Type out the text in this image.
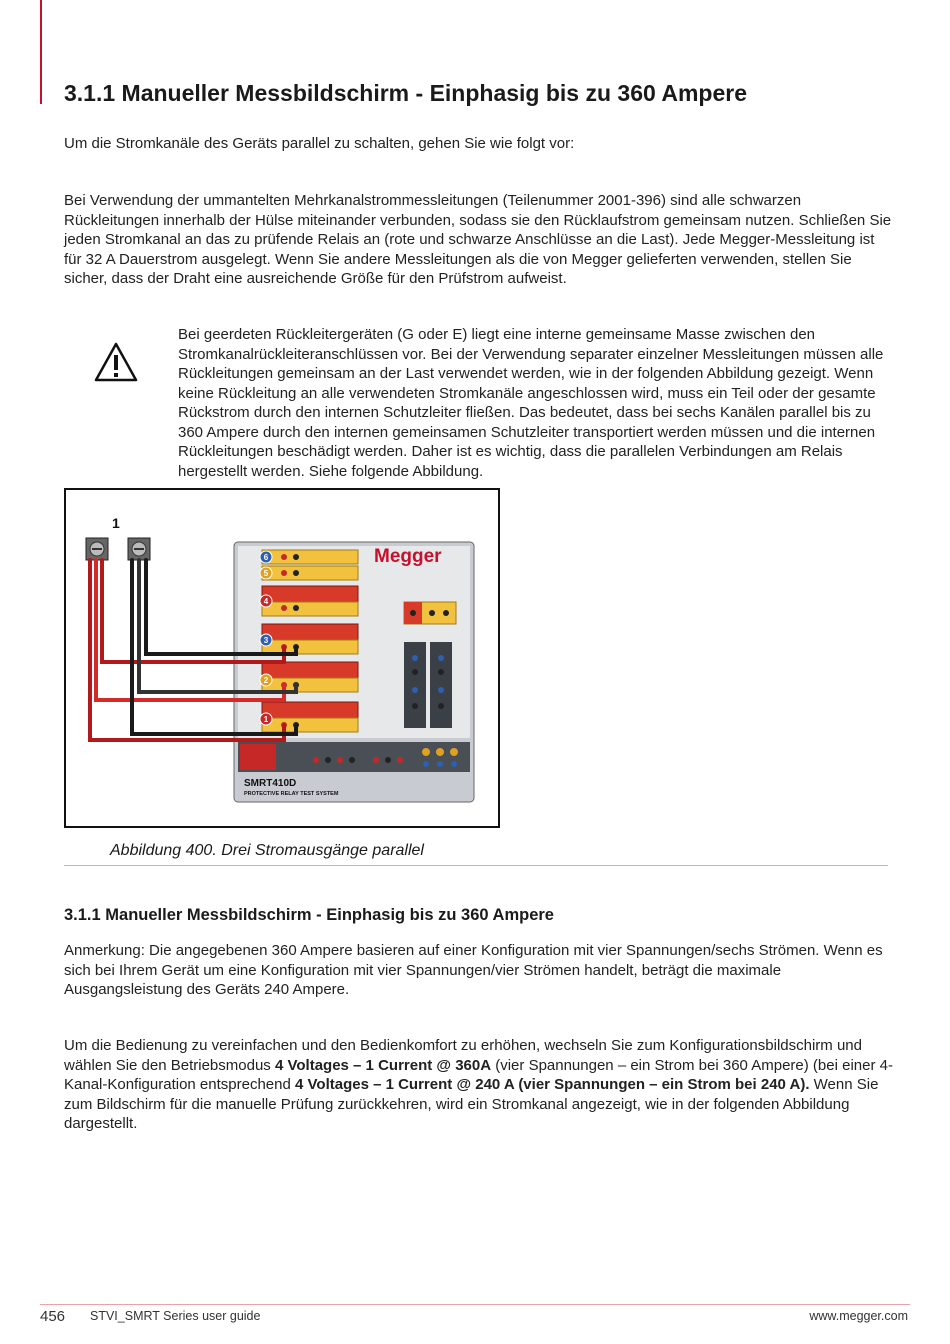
3.1.1 Manueller Messbildschirm - Einphasig bis zu 360 Ampere

Um die Stromkanäle des Geräts parallel zu schalten, gehen Sie wie folgt vor:

Bei Verwendung der ummantelten Mehrkanalstrommessleitungen (Teilenummer 2001-396) sind alle schwarzen Rückleitungen innerhalb der Hülse miteinander verbunden, sodass sie den Rücklaufstrom gemeinsam nutzen. Schließen Sie jeden Stromkanal an das zu prüfende Relais an (rote und schwarze Anschlüsse an die Last). Jede Megger-Messleitung ist für 32 A Dauerstrom ausgelegt. Wenn Sie andere Messleitungen als die von Megger gelieferten verwenden, stellen Sie sicher, dass der Draht eine ausreichende Größe für den Prüfstrom aufweist.

Bei geerdeten Rückleitergeräten (G oder E) liegt eine interne gemeinsame Masse zwischen den Stromkanalrückleiteranschlüssen vor. Bei der Verwendung separater einzelner Messleitungen müssen alle Rückleitungen gemeinsam an der Last verwendet werden, wie in der folgenden Abbildung gezeigt. Wenn keine Rückleitung an alle verwendeten Stromkanäle angeschlossen wird, muss ein Teil oder der gesamte Rückstrom durch den internen Schutzleiter fließen. Das bedeutet, dass bei sechs Kanälen parallel bis zu 360 Ampere durch den internen gemeinsamen Schutzleiter transportiert werden müssen und die internen Rückleitungen beschädigt werden. Daher ist es wichtig, dass die parallelen Verbindungen am Relais hergestellt werden. Siehe folgende Abbildung.

1
6
5
4
3
2
1
Megger
SMRT410D
PROTECTIVE RELAY TEST SYSTEM

Abbildung 400. Drei Stromausgänge parallel

3.1.1 Manueller Messbildschirm - Einphasig bis zu 360 Ampere

Anmerkung: Die angegebenen 360 Ampere basieren auf einer Konfiguration mit vier Spannungen/sechs Strömen. Wenn es sich bei Ihrem Gerät um eine Konfiguration mit vier Spannungen/vier Strömen handelt, beträgt die maximale Ausgangsleistung des Geräts 240 Ampere.

Um die Bedienung zu vereinfachen und den Bedienkomfort zu erhöhen, wechseln Sie zum Konfigurationsbildschirm und wählen Sie den Betriebsmodus 4 Voltages – 1 Current @ 360A (vier Spannungen – ein Strom bei 360 Ampere) (bei einer 4-Kanal-Konfiguration entsprechend 4 Voltages – 1 Current @ 240 A (vier Spannungen – ein Strom bei 240 A). Wenn Sie zum Bildschirm für die manuelle Prüfung zurückkehren, wird ein Stromkanal angezeigt, wie in der folgenden Abbildung dargestellt.

456 STVI_SMRT Series user guide	www.megger.com
